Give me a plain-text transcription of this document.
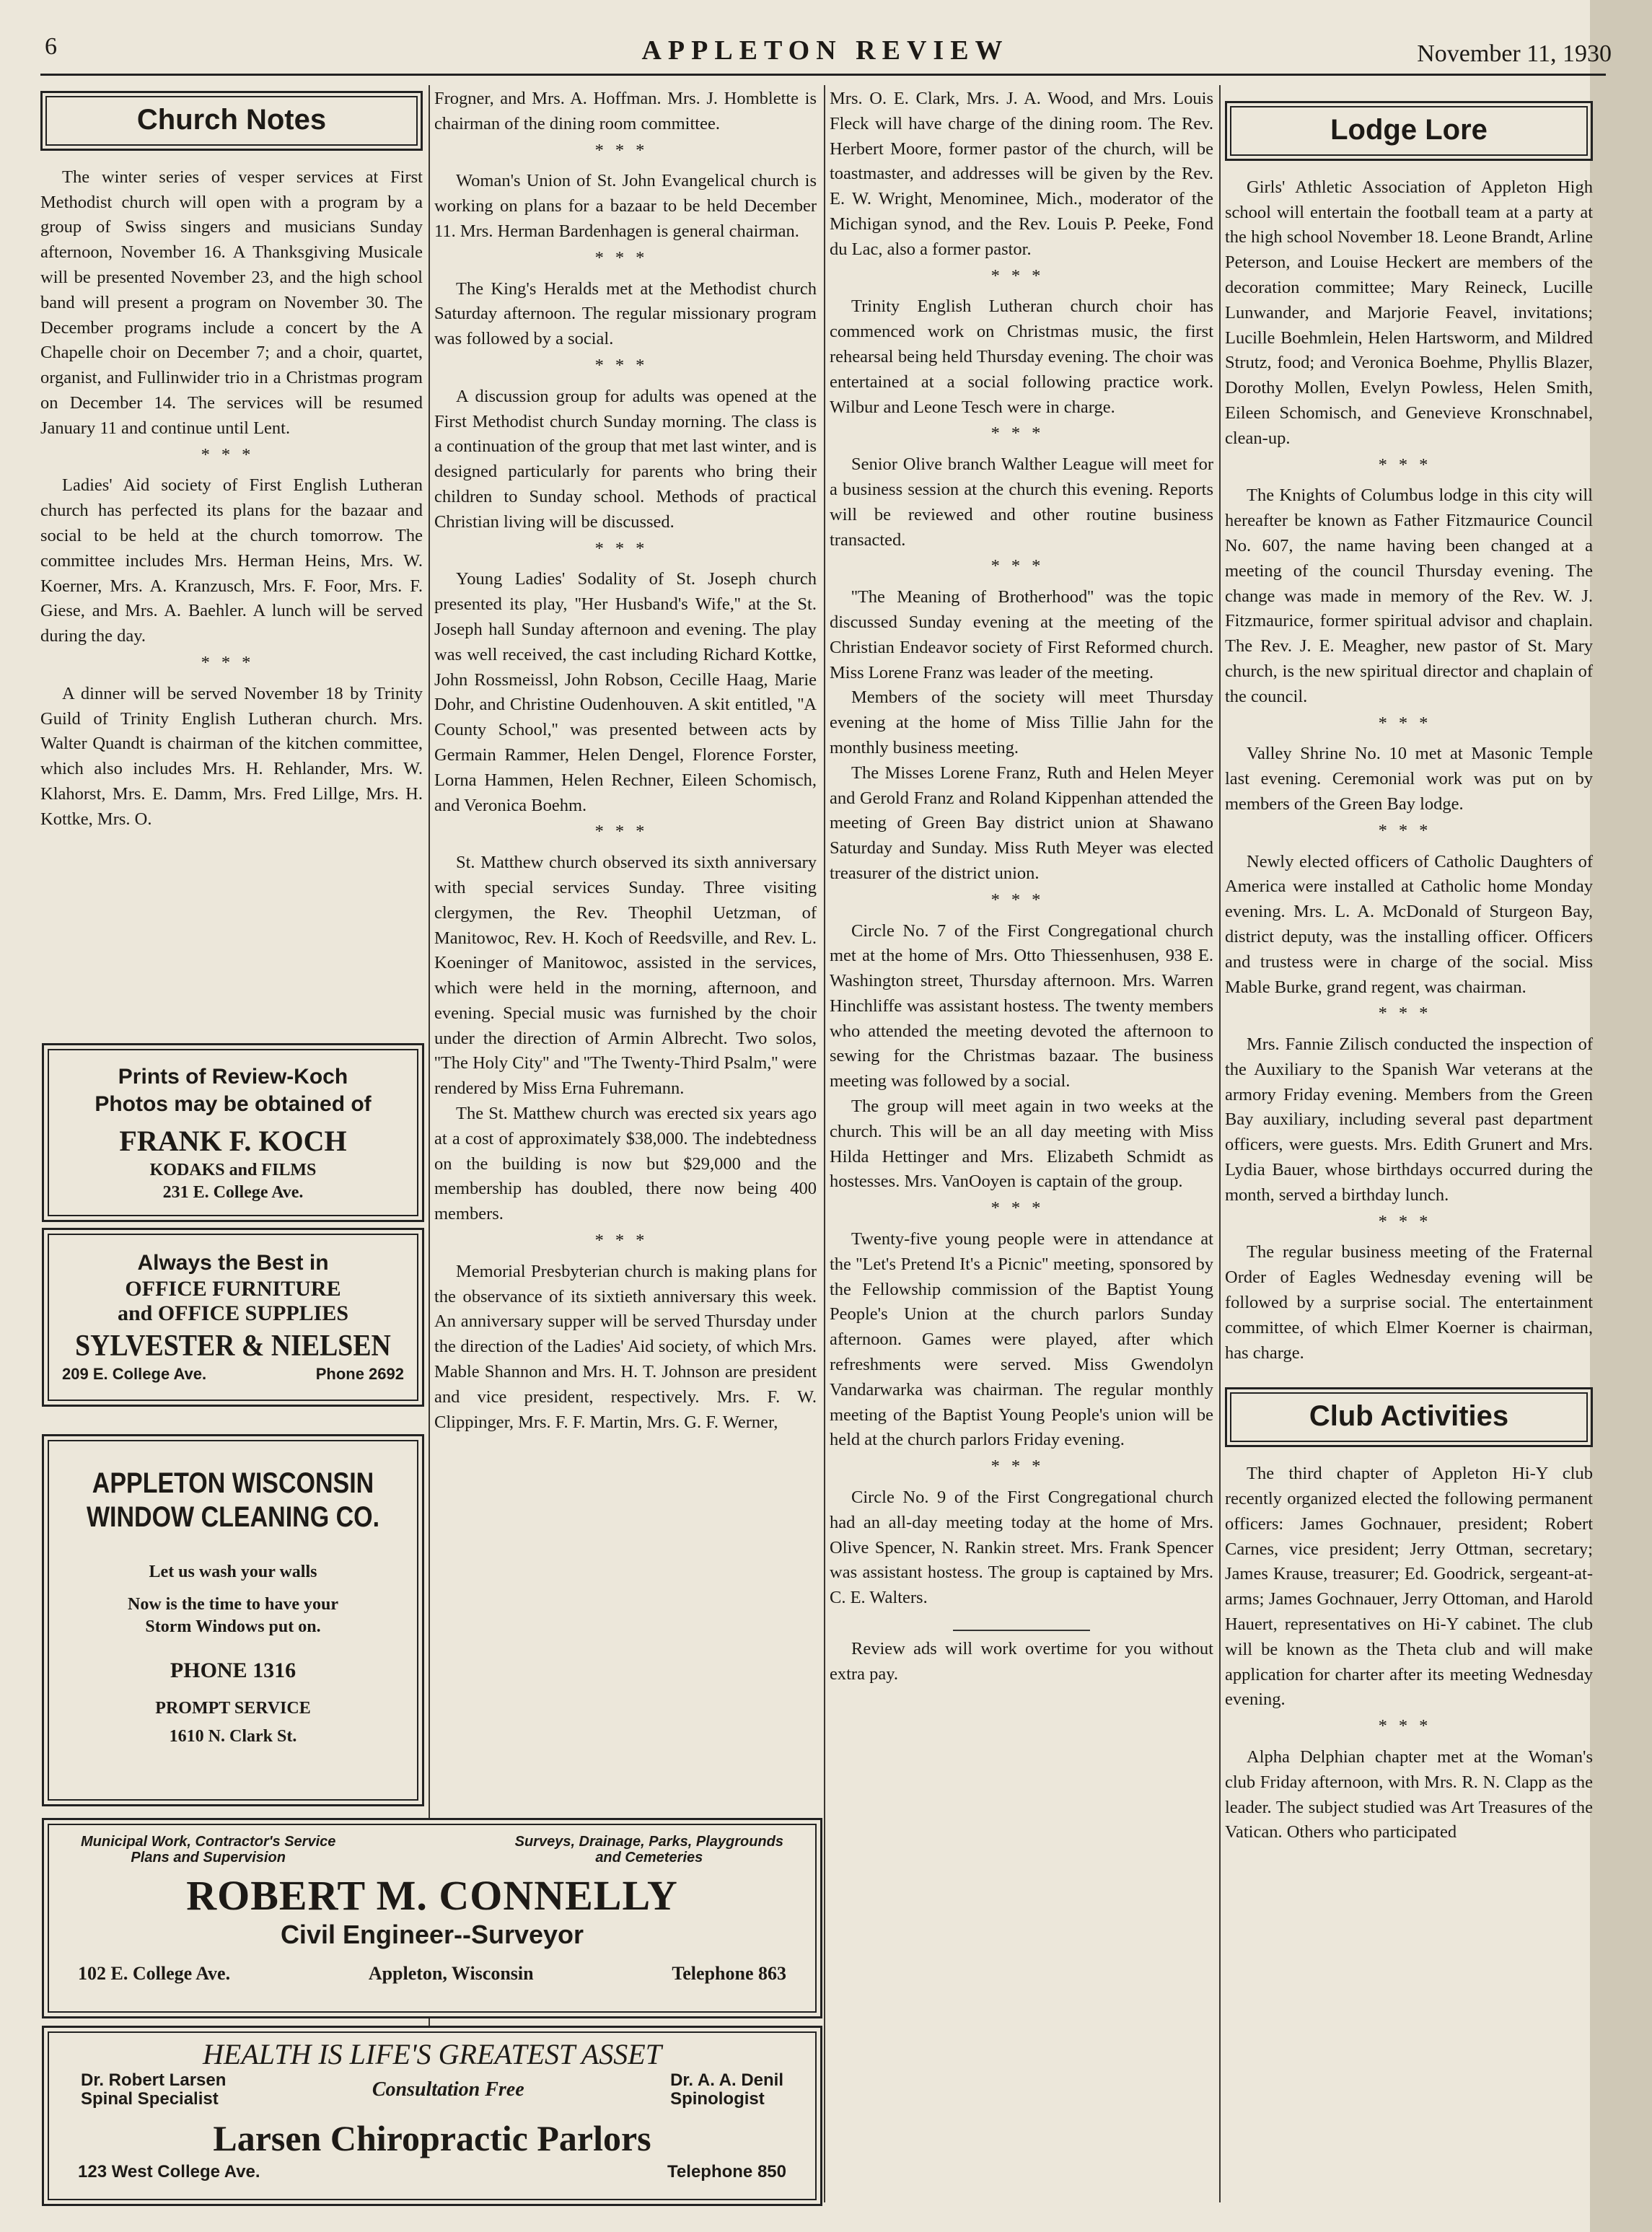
6	APPLETON REVIEW	November 11, 1930
Church Notes

The winter series of vesper services at First Methodist church will open with a program by a group of Swiss singers and musicians Sunday afternoon, November 16. A Thanksgiving Musicale will be presented November 23, and the high school band will present a program on November 30. The December programs include a concert by the A Chapelle choir on December 7; and a choir, quartet, organist, and Fullinwider trio in a Christmas program on December 14. The services will be resumed January 11 and continue until Lent.

***

Ladies' Aid society of First English Lutheran church has perfected its plans for the bazaar and social to be held at the church tomorrow. The committee includes Mrs. Herman Heins, Mrs. W. Koerner, Mrs. A. Kranzusch, Mrs. F. Foor, Mrs. F. Giese, and Mrs. A. Baehler. A lunch will be served during the day.

***

A dinner will be served November 18 by Trinity Guild of Trinity English Lutheran church. Mrs. Walter Quandt is chairman of the kitchen committee, which also includes Mrs. H. Rehlander, Mrs. W. Klahorst, Mrs. E. Damm, Mrs. Fred Lillge, Mrs. H. Kottke, Mrs. O.

Frogner, and Mrs. A. Hoffman. Mrs. J. Homblette is chairman of the dining room committee.

***

Woman's Union of St. John Evangelical church is working on plans for a bazaar to be held December 11. Mrs. Herman Bardenhagen is general chairman.

***

The King's Heralds met at the Methodist church Saturday afternoon. The regular missionary program was followed by a social.

***

A discussion group for adults was opened at the First Methodist church Sunday morning. The class is a continuation of the group that met last winter, and is designed particularly for parents who bring their children to Sunday school. Methods of practical Christian living will be discussed.

***

Young Ladies' Sodality of St. Joseph church presented its play, ''Her Husband's Wife,'' at the St. Joseph hall Sunday afternoon and evening. The play was well received, the cast including Richard Kottke, John Rossmeissl, John Robson, Cecille Haag, Marie Dohr, and Christine Oudenhouven. A skit entitled, ''A County School,'' was presented between acts by Germain Rammer, Helen Dengel, Florence Forster, Lorna Hammen, Helen Rechner, Eileen Schomisch, and Veronica Boehm.

***

St. Matthew church observed its sixth anniversary with special services Sunday. Three visiting clergymen, the Rev. Theophil Uetzman, of Manitowoc, Rev. H. Koch of Reedsville, and Rev. L. Koeninger of Manitowoc, assisted in the services, which were held in the morning, afternoon, and evening. Special music was furnished by the choir under the direction of Armin Albrecht. Two solos, ''The Holy City'' and ''The Twenty-Third Psalm,'' were rendered by Miss Erna Fuhremann.

The St. Matthew church was erected six years ago at a cost of approximately $38,000. The indebtedness on the building is now but $29,000 and the membership has doubled, there now being 400 members.

***

Memorial Presbyterian church is making plans for the observance of its sixtieth anniversary this week. An anniversary supper will be served Thursday under the direction of the Ladies' Aid society, of which Mrs. Mable Shannon and Mrs. H. T. Johnson are president and vice president, respectively. Mrs. F. W. Clippinger, Mrs. F. F. Martin, Mrs. G. F. Werner,

Mrs. O. E. Clark, Mrs. J. A. Wood, and Mrs. Louis Fleck will have charge of the dining room. The Rev. Herbert Moore, former pastor of the church, will be toastmaster, and addresses will be given by the Rev. E. W. Wright, Menominee, Mich., moderator of the Michigan synod, and the Rev. Louis P. Peeke, Fond du Lac, also a former pastor.

***

Trinity English Lutheran church choir has commenced work on Christmas music, the first rehearsal being held Thursday evening. The choir was entertained at a social following practice work. Wilbur and Leone Tesch were in charge.

***

Senior Olive branch Walther League will meet for a business session at the church this evening. Reports will be reviewed and other routine business transacted.

***

''The Meaning of Brotherhood'' was the topic discussed Sunday evening at the meeting of the Christian Endeavor society of First Reformed church. Miss Lorene Franz was leader of the meeting.

Members of the society will meet Thursday evening at the home of Miss Tillie Jahn for the monthly business meeting.

The Misses Lorene Franz, Ruth and Helen Meyer and Gerold Franz and Roland Kippenhan attended the meeting of Green Bay district union at Shawano Saturday and Sunday. Miss Ruth Meyer was elected treasurer of the district union.

***

Circle No. 7 of the First Congregational church met at the home of Mrs. Otto Thiessenhusen, 938 E. Washington street, Thursday afternoon. Mrs. Warren Hinchliffe was assistant hostess. The twenty members who attended the meeting devoted the afternoon to sewing for the Christmas bazaar. The business meeting was followed by a social.

The group will meet again in two weeks at the church. This will be an all day meeting with Miss Hilda Hettinger and Mrs. Elizabeth Schmidt as hostesses. Mrs. VanOoyen is captain of the group.

***

Twenty-five young people were in attendance at the ''Let's Pretend It's a Picnic'' meeting, sponsored by the Fellowship commission of the Baptist Young People's Union at the church parlors Sunday afternoon. Games were played, after which refreshments were served. Miss Gwendolyn Vandarwarka was chairman. The regular monthly meeting of the Baptist Young People's union will be held at the church parlors Friday evening.

***

Circle No. 9 of the First Congregational church had an all-day meeting today at the home of Mrs. Olive Spencer, N. Rankin street. Mrs. Frank Spencer was assistant hostess. The group is captained by Mrs. C. E. Walters.

Review ads will work overtime for you without extra pay.

Lodge Lore

Girls' Athletic Association of Appleton High school will entertain the football team at a party at the high school November 18. Leone Brandt, Arline Peterson, and Louise Heckert are members of the decoration committee; Mary Reineck, Lucille Lunwander, and Marjorie Feavel, invitations; Lucille Boehmlein, Helen Hartsworm, and Mildred Strutz, food; and Veronica Boehme, Phyllis Blazer, Dorothy Mollen, Evelyn Powless, Helen Smith, Eileen Schomisch, and Genevieve Kronschnabel, clean-up.

***

The Knights of Columbus lodge in this city will hereafter be known as Father Fitzmaurice Council No. 607, the name having been changed at a meeting of the council Thursday evening. The change was made in memory of the Rev. W. J. Fitzmaurice, former spiritual advisor and chaplain. The Rev. J. E. Meagher, new pastor of St. Mary church, is the new spiritual director and chaplain of the council.

***

Valley Shrine No. 10 met at Masonic Temple last evening. Ceremonial work was put on by members of the Green Bay lodge.

***

Newly elected officers of Catholic Daughters of America were installed at Catholic home Monday evening. Mrs. L. A. McDonald of Sturgeon Bay, district deputy, was the installing officer. Officers and trustess were in charge of the social. Miss Mable Burke, grand regent, was chairman.

***

Mrs. Fannie Zilisch conducted the inspection of the Auxiliary to the Spanish War veterans at the armory Friday evening. Members from the Green Bay auxiliary, including several past department officers, were guests. Mrs. Edith Grunert and Mrs. Lydia Bauer, whose birthdays occurred during the month, served a birthday lunch.

***

The regular business meeting of the Fraternal Order of Eagles Wednesday evening will be followed by a surprise social. The entertainment committee, of which Elmer Koerner is chairman, has charge.

Club Activities

The third chapter of Appleton Hi-Y club recently organized elected the following permanent officers: James Gochnauer, president; Robert Carnes, vice president; Jerry Ottman, secretary; James Krause, treasurer; Ed. Goodrick, sergeant-at-arms; James Gochnauer, Jerry Ottoman, and Harold Hauert, representatives on Hi-Y cabinet. The club will be known as the Theta club and will make application for charter after its meeting Wednesday evening.

***

Alpha Delphian chapter met at the Woman's club Friday afternoon, with Mrs. R. N. Clapp as the leader. The subject studied was Art Treasures of the Vatican. Others who participated

Prints of Review-Koch
Photos may be obtained of
FRANK F. KOCH
KODAKS and FILMS
231 E. College Ave.
Always the Best in
OFFICE FURNITURE
and OFFICE SUPPLIES
SYLVESTER & NIELSEN
209 E. College Ave.	Phone 2692
APPLETON WISCONSIN
WINDOW CLEANING CO.
Let us wash your walls
Now is the time to have your
Storm Windows put on.
PHONE 1316
PROMPT SERVICE
1610 N. Clark St.
Municipal Work, Contractor's Service
Plans and Supervision
Surveys, Drainage, Parks, Playgrounds
and Cemeteries
ROBERT M. CONNELLY
Civil Engineer--Surveyor
102 E. College Ave.	Appleton, Wisconsin	Telephone 863
HEALTH IS LIFE'S GREATEST ASSET
Dr. Robert Larsen
Spinal Specialist	Consultation Free	Dr. A. A. Denil
Spinologist
Larsen Chiropractic Parlors
123 West College Ave.	Telephone 850
